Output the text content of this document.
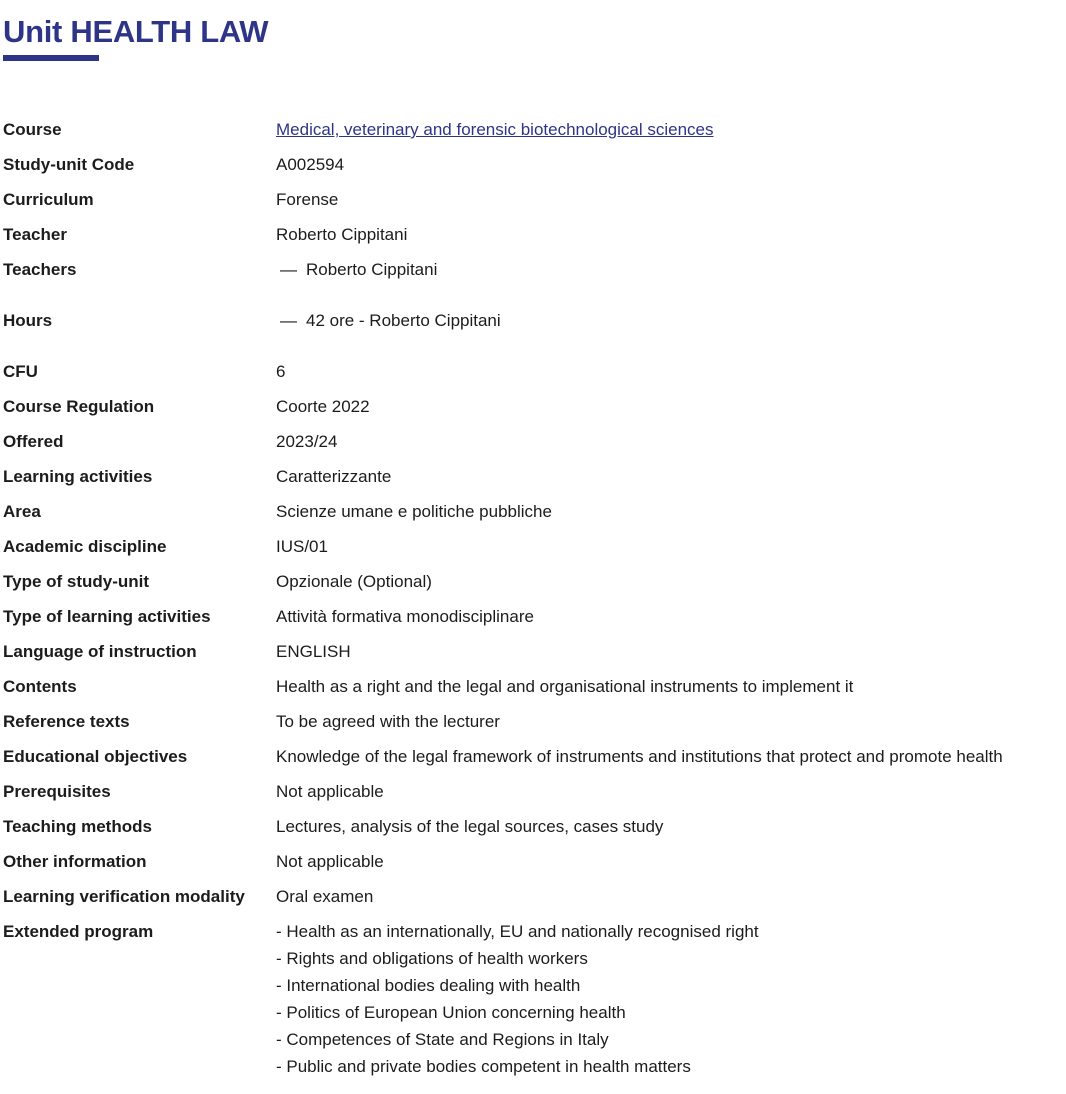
Unit HEALTH LAW
Course	Medical, veterinary and forensic biotechnological sciences
Study-unit Code	A002594
Curriculum	Forense
Teacher	Roberto Cippitani
Teachers	— Roberto Cippitani
Hours	— 42 ore - Roberto Cippitani
CFU	6
Course Regulation	Coorte 2022
Offered	2023/24
Learning activities	Caratterizzante
Area	Scienze umane e politiche pubbliche
Academic discipline	IUS/01
Type of study-unit	Opzionale (Optional)
Type of learning activities	Attività formativa monodisciplinare
Language of instruction	ENGLISH
Contents	Health as a right and the legal and organisational instruments to implement it
Reference texts	To be agreed with the lecturer
Educational objectives	Knowledge of the legal framework of instruments and institutions that protect and promote health
Prerequisites	Not applicable
Teaching methods	Lectures, analysis of the legal sources, cases study
Other information	Not applicable
Learning verification modality	Oral examen
Extended program	- Health as an internationally, EU and nationally recognised right
- Rights and obligations of health workers
- International bodies dealing with health
- Politics of European Union concerning health
- Competences of State and Regions in Italy
- Public and private bodies competent in health matters
